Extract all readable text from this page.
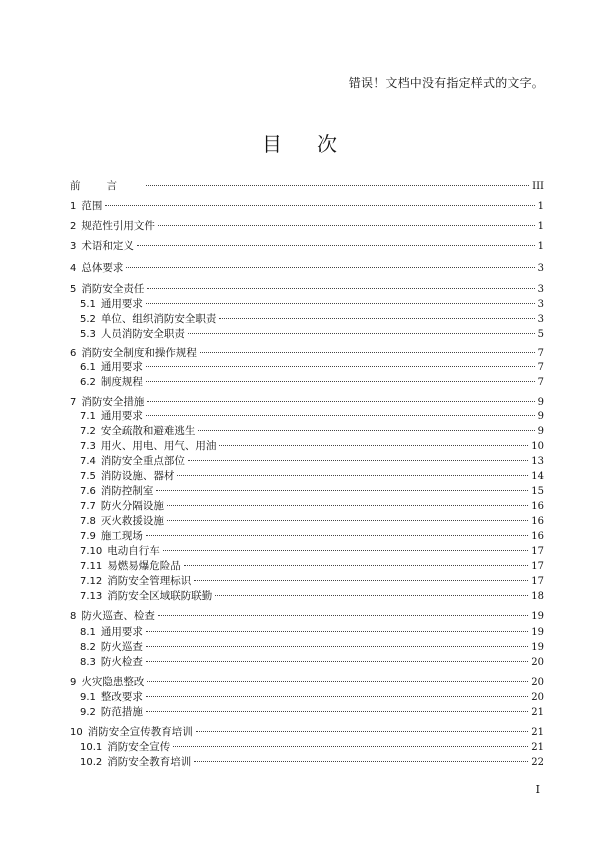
错误！文档中没有指定样式的文字。
目 次
前言	III
1 范围	1
2 规范性引用文件	1
3 术语和定义	1
4 总体要求	3
5 消防安全责任	3
5.1 通用要求	3
5.2 单位、组织消防安全职责	3
5.3 人员消防安全职责	5
6 消防安全制度和操作规程	7
6.1 通用要求	7
6.2 制度规程	7
7 消防安全措施	9
7.1 通用要求	9
7.2 安全疏散和避难逃生	9
7.3 用火、用电、用气、用油	10
7.4 消防安全重点部位	13
7.5 消防设施、器材	14
7.6 消防控制室	15
7.7 防火分隔设施	16
7.8 灭火救援设施	16
7.9 施工现场	16
7.10 电动自行车	17
7.11 易燃易爆危险品	17
7.12 消防安全管理标识	17
7.13 消防安全区域联防联勤	18
8 防火巡查、检查	19
8.1 通用要求	19
8.2 防火巡查	19
8.3 防火检查	20
9 火灾隐患整改	20
9.1 整改要求	20
9.2 防范措施	21
10 消防安全宣传教育培训	21
10.1 消防安全宣传	21
10.2 消防安全教育培训	22
I
